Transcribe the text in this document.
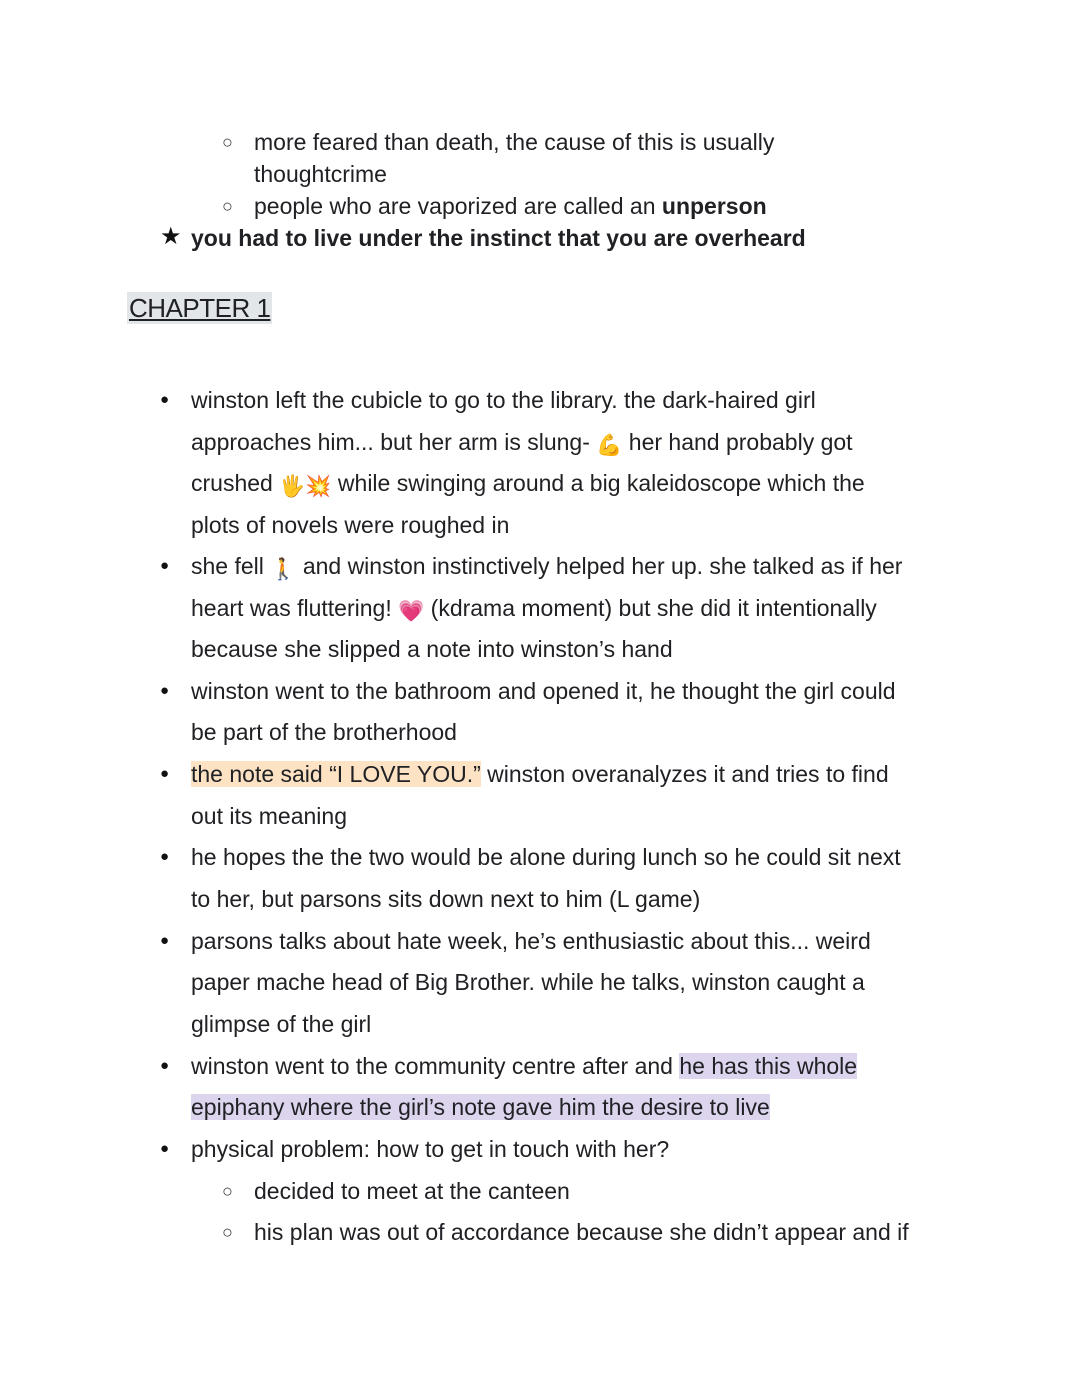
○ more feared than death, the cause of this is usually
thoughtcrime
○ people who are vaporized are called an unperson
★ you had to live under the instinct that you are overheard
CHAPTER 1
● winston left the cubicle to go to the library. the dark-haired girl
approaches him... but her arm is slung- 💪 her hand probably got
crushed 🖐💥 while swinging around a big kaleidoscope which the
plots of novels were roughed in
● she fell 🚶 and winston instinctively helped her up. she talked as if her
heart was fluttering! 💗 (kdrama moment) but she did it intentionally
because she slipped a note into winston’s hand
● winston went to the bathroom and opened it, he thought the girl could
be part of the brotherhood
● the note said “I LOVE YOU.” winston overanalyzes it and tries to find
out its meaning
● he hopes the the two would be alone during lunch so he could sit next
to her, but parsons sits down next to him (L game)
● parsons talks about hate week, he’s enthusiastic about this... weird
paper mache head of Big Brother. while he talks, winston caught a
glimpse of the girl
● winston went to the community centre after and he has this whole
epiphany where the girl’s note gave him the desire to live
● physical problem: how to get in touch with her?
○ decided to meet at the canteen
○ his plan was out of accordance because she didn’t appear and if
